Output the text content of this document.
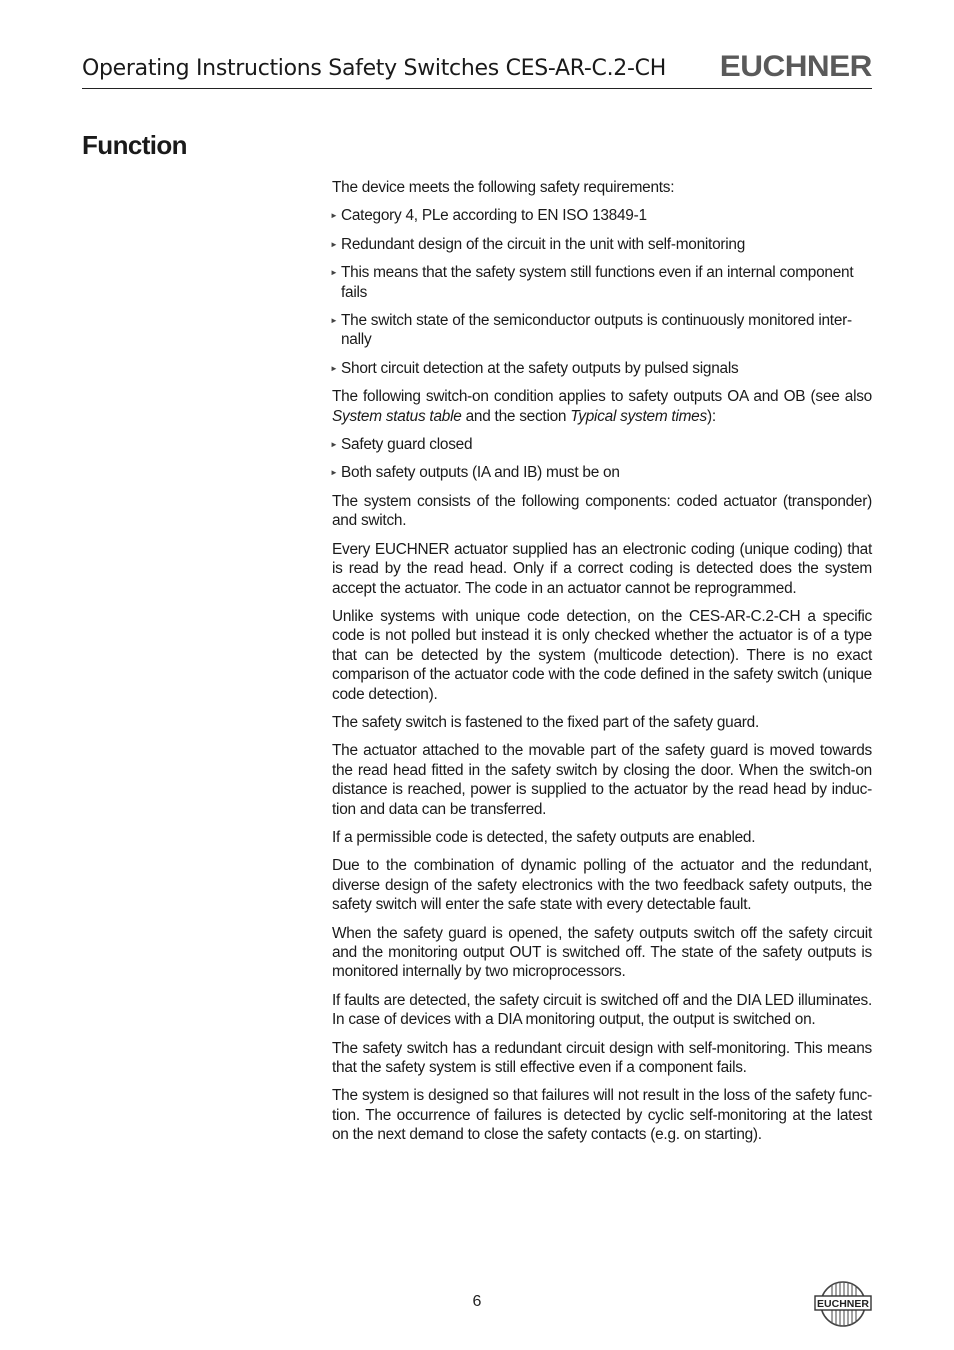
Operating Instructions Safety Switches CES-AR-C.2-CH EUCHNER
Function

The device meets the following safety requirements:

► Category 4, PLe according to EN ISO 13849-1
► Redundant design of the circuit in the unit with self-monitoring
► This means that the safety system still functions even if an internal component fails
► The switch state of the semiconductor outputs is continuously monitored inter-nally
► Short circuit detection at the safety outputs by pulsed signals

The following switch-on condition applies to safety outputs OA and OB (see also System status table and the section Typical system times):

► Safety guard closed
► Both safety outputs (IA and IB) must be on

The system consists of the following components: coded actuator (transponder) and switch.

Every EUCHNER actuator supplied has an electronic coding (unique coding) that is read by the read head. Only if a correct coding is detected does the system accept the actuator. The code in an actuator cannot be reprogrammed.

Unlike systems with unique code detection, on the CES-AR-C.2-CH a specific code is not polled but instead it is only checked whether the actuator is of a type that can be detected by the system (multicode detection). There is no exact comparison of the actuator code with the code defined in the safety switch (unique code detection).

The safety switch is fastened to the fixed part of the safety guard.

The actuator attached to the movable part of the safety guard is moved towards the read head fitted in the safety switch by closing the door. When the switch-on distance is reached, power is supplied to the actuator by the read head by induc-tion and data can be transferred.

If a permissible code is detected, the safety outputs are enabled.

Due to the combination of dynamic polling of the actuator and the redundant, diverse design of the safety electronics with the two feedback safety outputs, the safety switch will enter the safe state with every detectable fault.

When the safety guard is opened, the safety outputs switch off the safety circuit and the monitoring output OUT is switched off. The state of the safety outputs is monitored internally by two microprocessors.

If faults are detected, the safety circuit is switched off and the DIA LED illuminates. In case of devices with a DIA monitoring output, the output is switched on.

The safety switch has a redundant circuit design with self-monitoring. This means that the safety system is still effective even if a component fails.

The system is designed so that failures will not result in the loss of the safety func-tion. The occurrence of failures is detected by cyclic self-monitoring at the latest on the next demand to close the safety contacts (e.g. on starting).

6	EUCHNER
